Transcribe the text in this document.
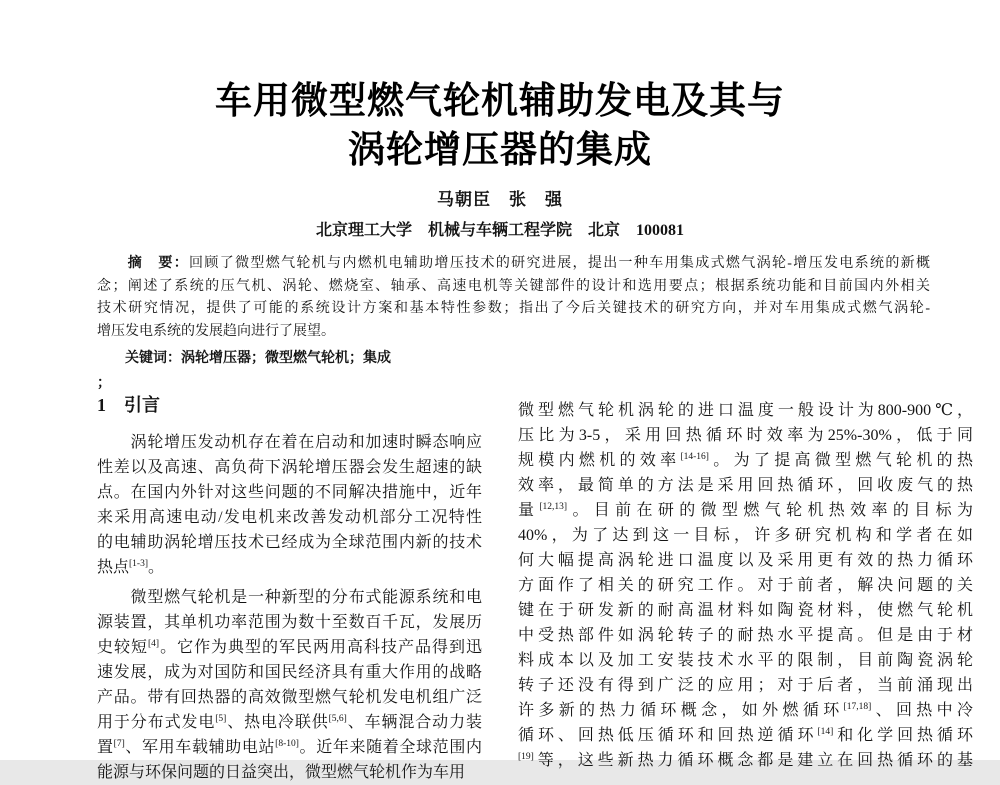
车用微型燃气轮机辅助发电及其与
涡轮增压器的集成
马朝臣　张　强
北京理工大学　机械与车辆工程学院　北京　100081
　　摘　要：回顾了微型燃气轮机与内燃机电辅助增压技术的研究进展，提出一种车用集成式燃气涡轮-增压发电系统的新概
念；阐述了系统的压气机、涡轮、燃烧室、轴承、高速电机等关键部件的设计和选用要点；根据系统功能和目前国内外相关
技术研究情况，提供了可能的系统设计方案和基本特性参数；指出了今后关键技术的研究方向，并对车用集成式燃气涡轮-
增压发电系统的发展趋向进行了展望。
　　关键词：涡轮增压器；微型燃气轮机；集成
；
1　引言
　　涡轮增压发动机存在着在启动和加速时瞬态响应
性差以及高速、高负荷下涡轮增压器会发生超速的缺
点。在国内外针对这些问题的不同解决措施中，近年
来采用高速电动/发电机来改善发动机部分工况特性
的电辅助涡轮增压技术已经成为全球范围内新的技术
热点[1-3]。
　　微型燃气轮机是一种新型的分布式能源系统和电
源装置，其单机功率范围为数十至数百千瓦，发展历
史较短[4]。它作为典型的军民两用高科技产品得到迅
速发展，成为对国防和国民经济具有重大作用的战略
产品。带有回热器的高效微型燃气轮机发电机组广泛
用于分布式发电[5]、热电冷联供[5,6]、车辆混合动力装
置[7]、军用车载辅助电站[8-10]。近年来随着全球范围内
能源与环保问题的日益突出，微型燃气轮机作为车用
微型燃气轮机涡轮的进口温度一般设计为800-900℃，
压比为3-5，采用回热循环时效率为25%-30%，低于同
规模内燃机的效率[14-16]。为了提高微型燃气轮机的热
效率，最简单的方法是采用回热循环，回收废气的热
量[12,13]。目前在研的微型燃气轮机热效率的目标为
40%，为了达到这一目标，许多研究机构和学者在如
何大幅提高涡轮进口温度以及采用更有效的热力循环
方面作了相关的研究工作。对于前者，解决问题的关
键在于研发新的耐高温材料如陶瓷材料，使燃气轮机
中受热部件如涡轮转子的耐热水平提高。但是由于材
料成本以及加工安装技术水平的限制，目前陶瓷涡轮
转子还没有得到广泛的应用；对于后者，当前涌现出
许多新的热力循环概念，如外燃循环[17,18]、回热中冷
循环、回热低压循环和回热逆循环[14]和化学回热循环
[19]等，这些新热力循环概念都是建立在回热循环的基
